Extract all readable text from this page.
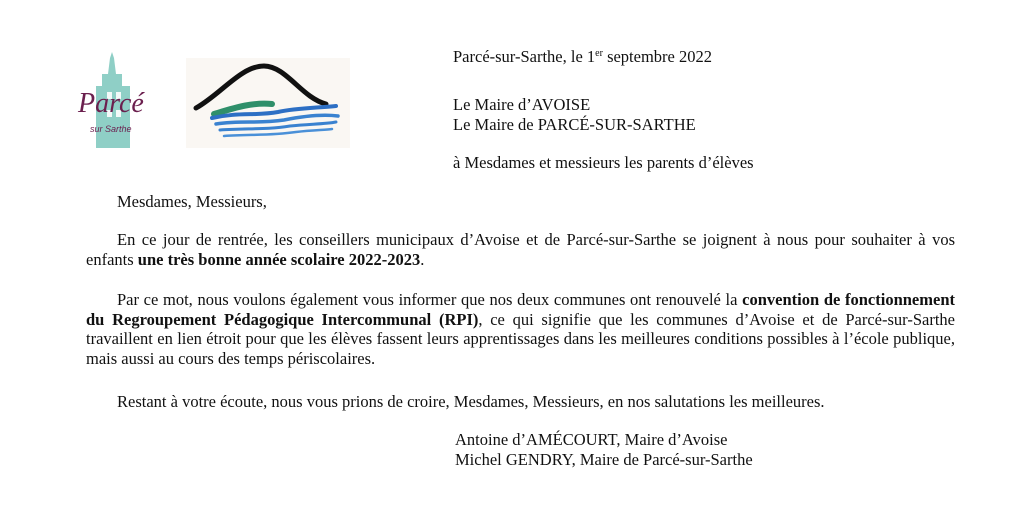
Parcé
sur Sarthe
Parcé-sur-Sarthe, le 1er septembre 2022
Le Maire d’AVOISE
Le Maire de PARCÉ-SUR-SARTHE
à Mesdames et messieurs les parents d’élèves
Mesdames, Messieurs,

En ce jour de rentrée, les conseillers municipaux d’Avoise et de Parcé-sur-Sarthe se joignent à nous pour souhaiter à vos enfants une très bonne année scolaire 2022-2023.

Par ce mot, nous voulons également vous informer que nos deux communes ont renouvelé la convention de fonctionnement du Regroupement Pédagogique Intercommunal (RPI), ce qui signifie que les communes d’Avoise et de Parcé-sur-Sarthe travaillent en lien étroit pour que les élèves fassent leurs apprentissages dans les meilleures conditions possibles à l’école publique, mais aussi au cours des temps périscolaires.

Restant à votre écoute, nous vous prions de croire, Mesdames, Messieurs, en nos salutations les meilleures.
Antoine d’AMÉCOURT, Maire d’Avoise
Michel GENDRY, Maire de Parcé-sur-Sarthe
